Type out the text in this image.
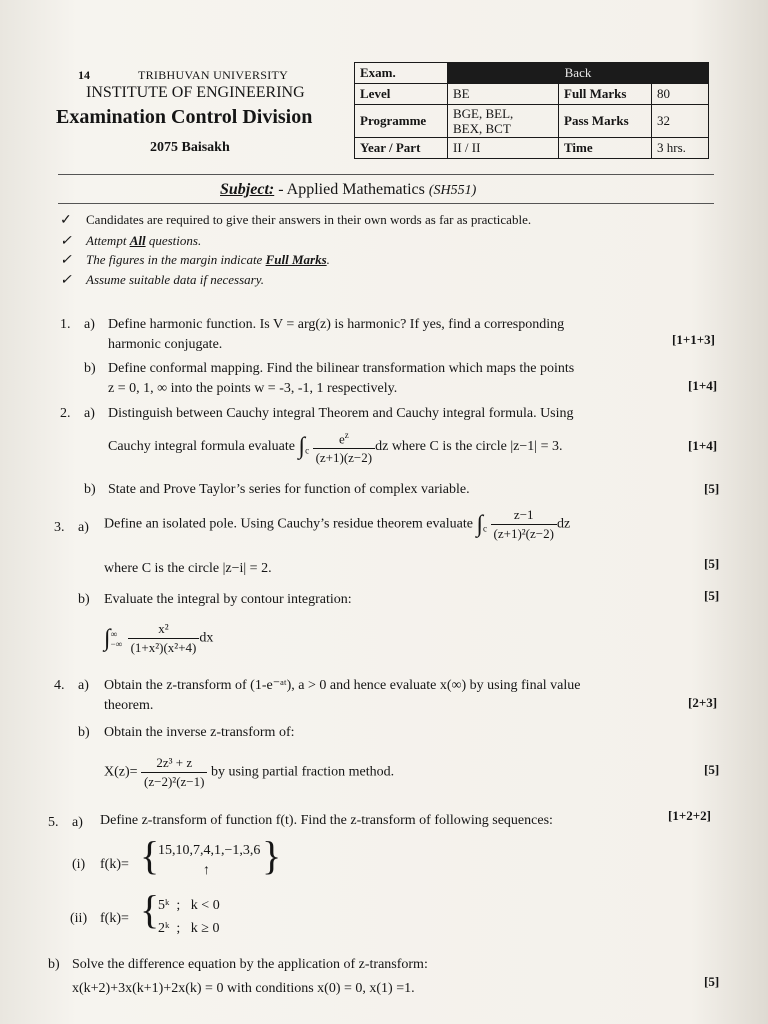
14	TRIBHUVAN UNIVERSITY
INSTITUTE OF ENGINEERING
Examination Control Division
2075 Baisakh
Exam.	Back		
Level	BE	Full Marks	80
Programme	BGE, BEL,
BEX, BCT	Pass Marks	32
Year / Part	II / II	Time	3 hrs.
Subject: - Applied Mathematics (SH551)
✓ Candidates are required to give their answers in their own words as far as practicable.
✓ Attempt All questions.
✓ The figures in the margin indicate Full Marks.
✓ Assume suitable data if necessary.
1. a) Define harmonic function. Is V = arg(z) is harmonic? If yes, find a corresponding
harmonic conjugate.	[1+1+3]
b) Define conformal mapping. Find the bilinear transformation which maps the points
z = 0, 1, ∞ into the points w = -3, -1, 1 respectively.	[1+4]
2. a) Distinguish between Cauchy integral Theorem and Cauchy integral formula. Using
Cauchy integral formula evaluate $\int_c \frac{e^z}{(z+1)(z-2)}$ dz where C is the circle |z−1| = 3.	[1+4]
b) State and Prove Taylor’s series for function of complex variable.	[5]
3. a) Define an isolated pole. Using Cauchy’s residue theorem evaluate $\int_c \frac{z-1}{\text{(z+1)²(z−2)}}$ dz
where C is the circle |z−i| = 2.	[5]
b) Evaluate the integral by contour integration:	[5]
∫ ∞
−∞
$\frac{\text{x²}}{\text{(1+x²)(x²+4)}}$ dx
4. a) Obtain the z-transform of (1-e⁻ᵃᵗ), a > 0 and hence evaluate x(∞) by using final value
theorem.	[2+3]
b) Obtain the inverse z-transform of:
$X(z)= \frac{\text{2z³ + z}}{\text{(z−2)²(z−1)}}$ by using partial fraction method.	[5]
5. a) Define z-transform of function f(t). Find the z-transform of following sequences:	[1+2+2]
(i) f(k)= {
15,10,7,4,1,−1,3,6
↑ }
(ii) f(k)= {
5ᵏ  ;   k < 0
2ᵏ  ;   k ≥ 0
b) Solve the difference equation by the application of z-transform:
x(k+2)+3x(k+1)+2x(k) = 0 with conditions x(0) = 0, x(1) =1.	[5]
